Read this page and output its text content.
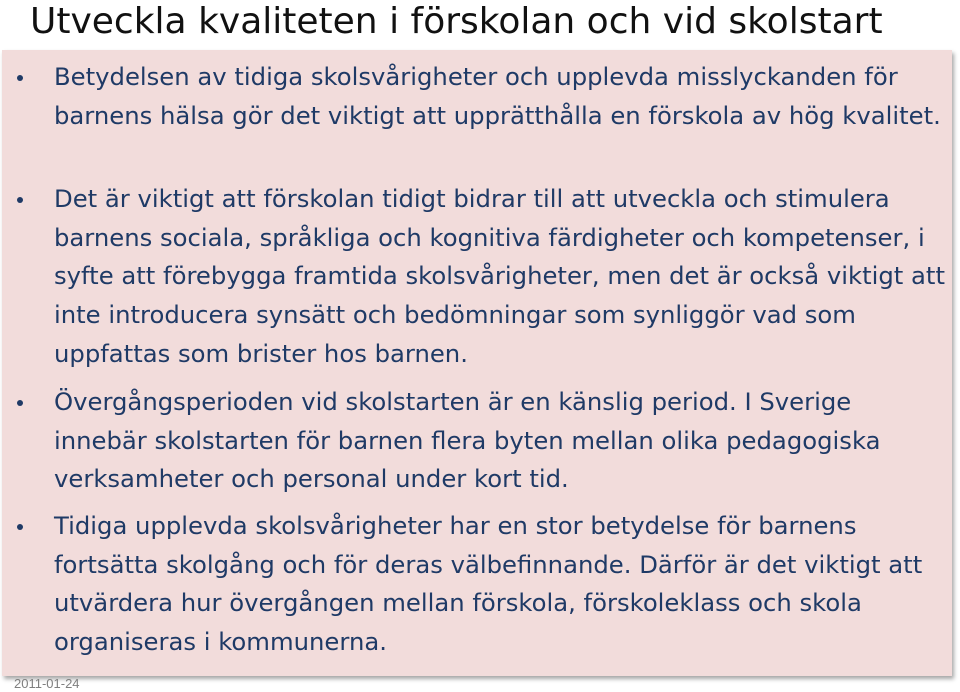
Utveckla kvaliteten i förskolan och vid skolstart
Betydelsen av tidiga skolsvårigheter och upplevda misslyckanden för barnens hälsa gör det viktigt att upprätthålla en förskola av hög kvalitet.
Det är viktigt att förskolan tidigt bidrar till att utveckla och stimulera barnens sociala, språkliga och kognitiva färdigheter och kompetenser, i syfte att förebygga framtida skolsvårigheter, men det är också viktigt att inte introducera synsätt och bedömningar som synliggör vad som uppfattas som brister hos barnen.
Övergångsperioden vid skolstarten är en känslig period. I Sverige innebär skolstarten för barnen flera byten mellan olika pedagogiska verksamheter och personal under kort tid.
Tidiga upplevda skolsvårigheter har en stor betydelse för barnens fortsätta skolgång och för deras välbefinnande. Därför är det viktigt att utvärdera hur övergången mellan förskola, förskoleklass och skola organiseras i kommunerna.
2011-01-24
